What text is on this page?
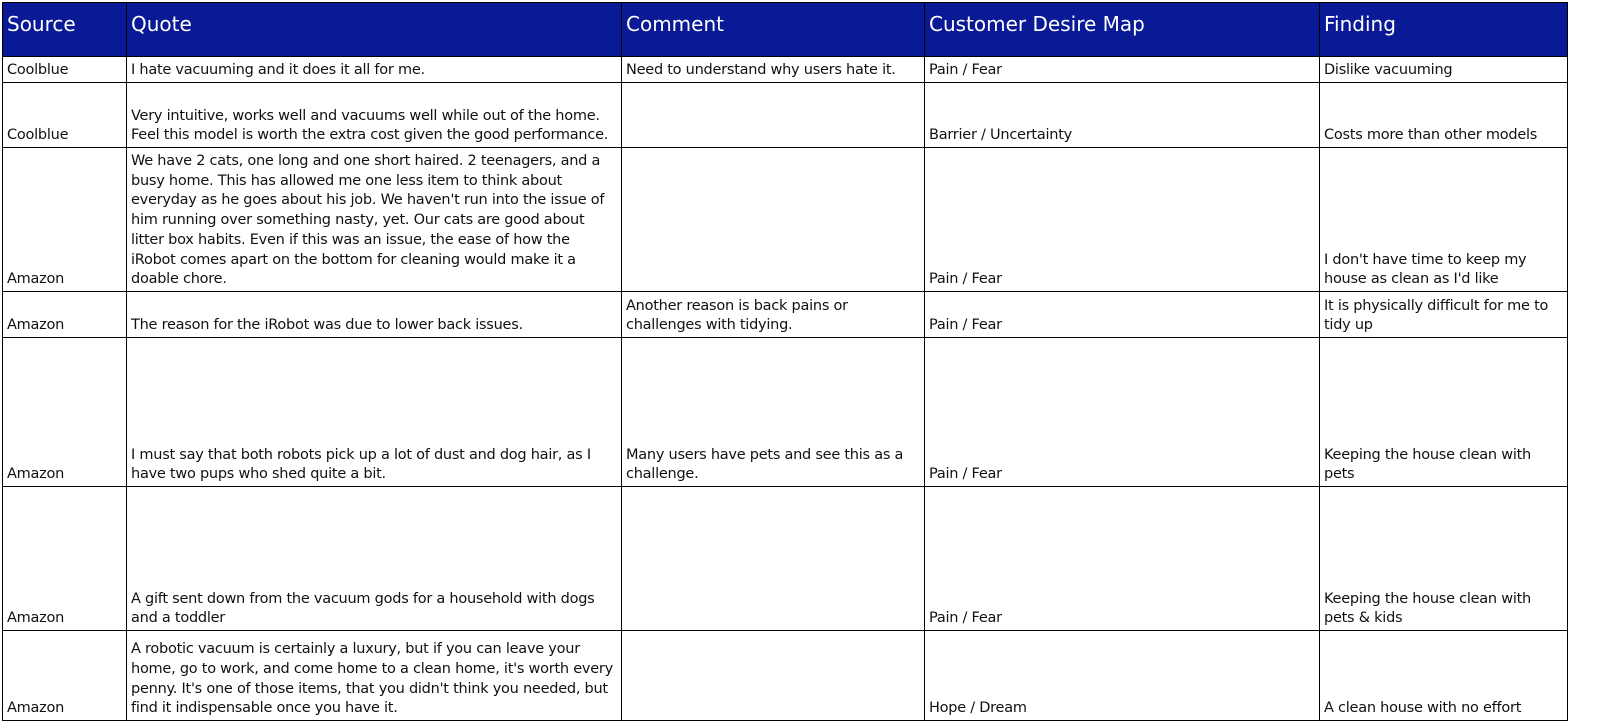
Source	Quote	Comment	Customer Desire Map	Finding
Coolblue	I hate vacuuming and it does it all for me.	Need to understand why users hate it.	Pain / Fear	Dislike vacuuming
Coolblue	Very intuitive, works well and vacuums well while out of the home. Feel this model is worth the extra cost given the good performance.		Barrier / Uncertainty	Costs more than other models
Amazon	We have 2 cats, one long and one short haired. 2 teenagers, and a busy home. This has allowed me one less item to think about everyday as he goes about his job. We haven't run into the issue of him running over something nasty, yet. Our cats are good about litter box habits. Even if this was an issue, the ease of how the iRobot comes apart on the bottom for cleaning would make it a doable chore.		Pain / Fear	I don't have time to keep my house as clean as I'd like
Amazon	The reason for the iRobot was due to lower back issues.	Another reason is back pains or challenges with tidying.	Pain / Fear	It is physically difficult for me to tidy up
Amazon	I must say that both robots pick up a lot of dust and dog hair, as I have two pups who shed quite a bit.	Many users have pets and see this as a challenge.	Pain / Fear	Keeping the house clean with pets
Amazon	A gift sent down from the vacuum gods for a household with dogs and a toddler		Pain / Fear	Keeping the house clean with pets & kids
Amazon	A robotic vacuum is certainly a luxury, but if you can leave your home, go to work, and come home to a clean home, it's worth every penny. It's one of those items, that you didn't think you needed, but find it indispensable once you have it.		Hope / Dream	A clean house with no effort
